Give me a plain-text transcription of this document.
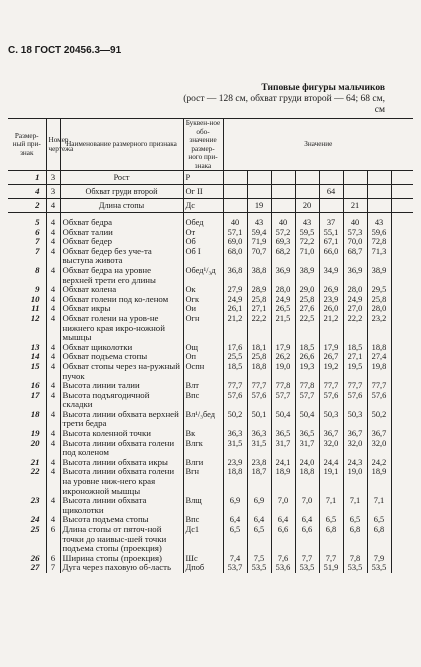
С. 18 ГОСТ 20456.3—91
Типовые фигуры мальчиков
(рост — 128 см, обхват груди второй — 64; 68 см,
см
Размер-ный при-знак	Номер чертежа	Наименование размерного признака	Буквен-ное обо-значение размер-ного при-знака	Значение							
1	3	Рост	Р								
4	3	Обхват груди второй	Ог II					64			
2	4	Длина стопы	Дс		19		20		21		
5	4	Обхват бедра	Обед	40	43	40	43	37	40	43	
6	4	Обхват талии	От	57,1	59,4	57,2	59,5	55,1	57,3	59,6	
7	4	Обхват бедер	Об	69,0	71,9	69,3	72,2	67,1	70,0	72,8	
7	4	Обхват бедер без уче-та выступа живота	Об I	68,0	70,7	68,2	71,0	66,0	68,7	71,3	
8	4	Обхват бедра на уровне верхней трети его длины	Обед¹/₃д	36,8	38,8	36,9	38,9	34,9	36,9	38,9	
9	4	Обхват колена	Ок	27,9	28,9	28,0	29,0	26,9	28,0	29,5	
10	4	Обхват голени под ко-леном	Огк	24,9	25,8	24,9	25,8	23,9	24,9	25,8	
11	4	Обхват икры	Ои	26,1	27,1	26,5	27,6	26,0	27,0	28,0	
12	4	Обхват голени на уров-не нижнего края икро-ножной мышцы	Огн	21,2	22,2	21,5	22,5	21,2	22,2	23,2	
13	4	Обхват щиколотки	Ощ	17,6	18,1	17,9	18,5	17,9	18,5	18,8	
14	4	Обхват подъема стопы	Оп	25,5	25,8	26,2	26,6	26,7	27,1	27,4	
15	4	Обхват стопы через на-ружный пучок	Оспн	18,5	18,8	19,0	19,3	19,2	19,5	19,8	
16	4	Высота линии талии	Влт	77,7	77,7	77,8	77,8	77,7	77,7	77,7	
17	4	Высота подъягодичной складки	Впс	57,6	57,6	57,7	57,7	57,6	57,6	57,6	
18	4	Высота линии обхвата верхней трети бедра	Вл¹/₃бед	50,2	50,1	50,4	50,4	50,3	50,3	50,2	
19	4	Высота коленной точки	Вк	36,3	36,3	36,5	36,5	36,7	36,7	36,7	
20	4	Высота линии обхвата голени под коленом	Влгк	31,5	31,5	31,7	31,7	32,0	32,0	32,0	
21	4	Высота линии обхвата икры	Влги	23,9	23,8	24,1	24,0	24,4	24,3	24,2	
22	4	Высота линии обхвата голени на уровне ниж-него края икроножной мышцы	Вгн	18,8	18,7	18,9	18,8	19,1	19,0	18,9	
23	4	Высота линии обхвата щиколотки	Влщ	6,9	6,9	7,0	7,0	7,1	7,1	7,1	
24	4	Высота подъема стопы	Впс	6,4	6,4	6,4	6,4	6,5	6,5	6,5	
25	6	Длина стопы от пяточ-ной точки до наивыс-шей точки подъема стопы (проекция)	Дс1	6,5	6,5	6,6	6,6	6,8	6,8	6,8	
26	6	Ширина стопы (проекция)	Шс	7,4	7,5	7,6	7,7	7,7	7,8	7,9	
27	7	Дуга через паховую об-ласть	Дпоб	53,7	53,5	53,6	53,5	51,9	53,5	53,5	
